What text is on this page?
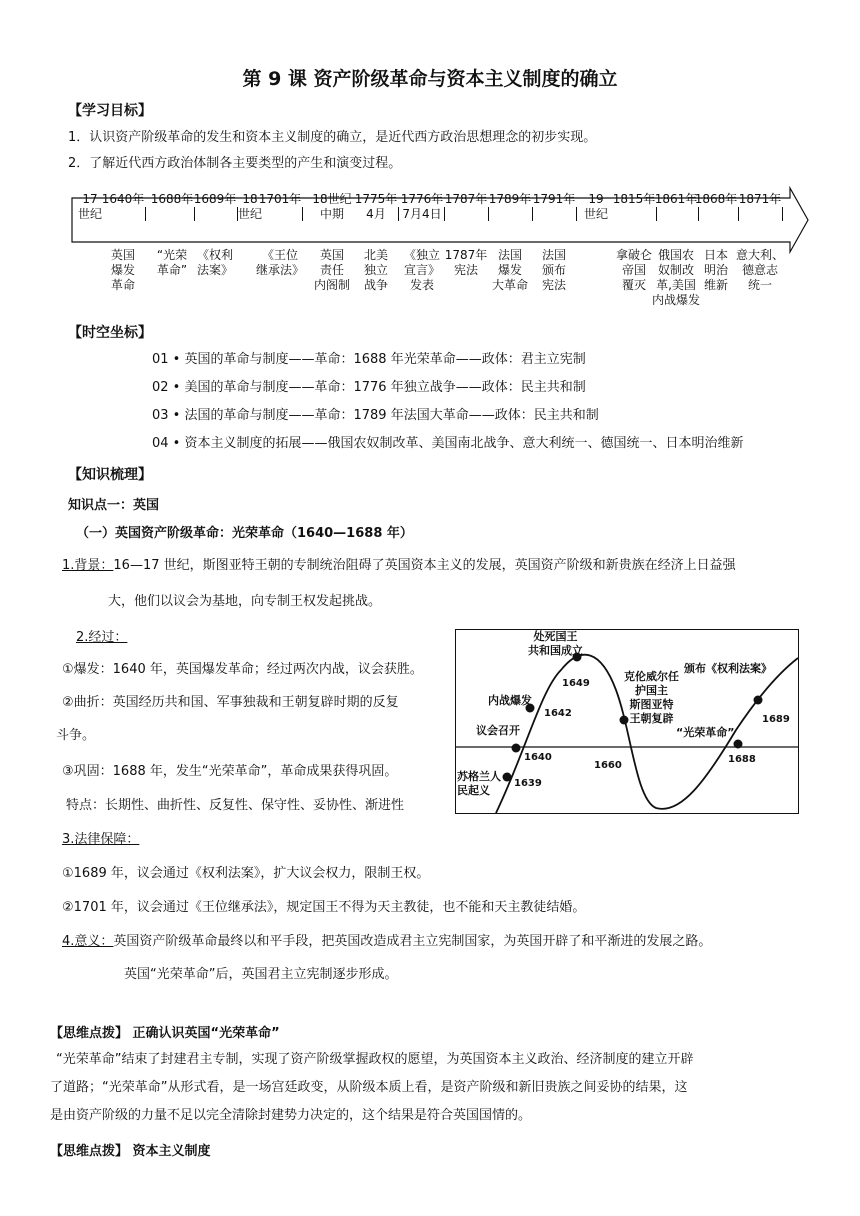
第 9 课 资产阶级革命与资本主义制度的确立
【学习目标】
1．认识资产阶级革命的发生和资本主义制度的确立，是近代西方政治思想理念的初步实现。
2．了解近代西方政治体制各主要类型的产生和演变过程。
17
世纪
1640年 1688年 1689年 18
世纪
1701年 18世纪
中期
1775年
4月
1776年
7月4日
1787年 1789年 1791年	19
世纪
1815年 1861年
1868年 1871年
英国
爆发
革命
“光荣
革命”
《权利
法案》
《王位
继承法》
英国
责任
内阁制
北美
独立
战争
《独立
宣言》
发表
1787年
宪法
法国
爆发
大革命
法国
颁布
宪法
拿破仑
帝国
覆灭
俄国农
奴制改
革,美国
内战爆发
日本
明治
维新
意大利、
德意志
统一
【时空坐标】
01 • 英国的革命与制度——革命：1688 年光荣革命——政体：君主立宪制
02 • 美国的革命与制度——革命：1776 年独立战争——政体：民主共和制
03 • 法国的革命与制度——革命：1789 年法国大革命——政体：民主共和制
04 • 资本主义制度的拓展——俄国农奴制改革、美国南北战争、意大利统一、德国统一、日本明治维新
【知识梳理】
知识点一：英国
（一）英国资产阶级革命：光荣革命（1640—1688 年）
1.背景：16—17 世纪，斯图亚特王朝的专制统治阻碍了英国资本主义的发展，英国资产阶级和新贵族在经济上日益强
大，他们以议会为基地，向专制王权发起挑战。
2.经过：
①爆发：1640 年，英国爆发革命；经过两次内战，议会获胜。
②曲折：英国经历共和国、军事独裁和王朝复辟时期的反复
斗争。
③巩固：1688 年，发生“光荣革命”，革命成果获得巩固。
特点：长期性、曲折性、反复性、保守性、妥协性、渐进性
苏格兰人
民起义
1639
议会召开
1640
内战爆发
1642
处死国王
共和国成立
1649
克伦威尔任
护国主
斯图亚特
王朝复辟
1660
“光荣革命”
1688
颁布《权利法案》
1689
3.法律保障：
①1689 年，议会通过《权利法案》，扩大议会权力，限制王权。
②1701 年，议会通过《王位继承法》，规定国王不得为天主教徒，也不能和天主教徒结婚。
4.意义：英国资产阶级革命最终以和平手段，把英国改造成君主立宪制国家，为英国开辟了和平渐进的发展之路。
英国“光荣革命”后，英国君主立宪制逐步形成。
【思维点拨】 正确认识英国“光荣革命”
“光荣革命”结束了封建君主专制，实现了资产阶级掌握政权的愿望，为英国资本主义政治、经济制度的建立开辟
了道路；“光荣革命”从形式看，是一场宫廷政变，从阶级本质上看，是资产阶级和新旧贵族之间妥协的结果，这
是由资产阶级的力量不足以完全清除封建势力决定的，这个结果是符合英国国情的。
【思维点拨】 资本主义制度
